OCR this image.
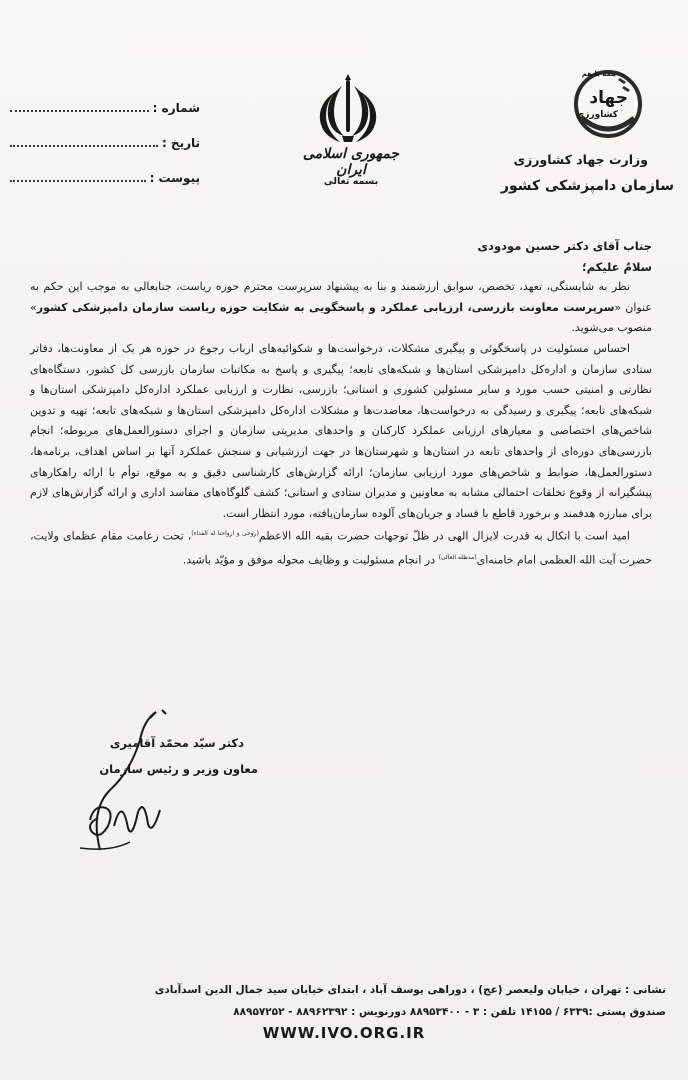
همه با هم
جهاد
کشاورزی
وزارت جهاد کشاورزی
سازمان دامپزشکی کشور
جمهوری اسلامی ایران
بسمه تعالی
شماره :
تاریخ :
پیوست :

جناب آقای دکتر حسین مودودی

سلامٌ علیکم؛

نظر به شایستگی، تعهد، تخصص، سوابق ارزشمند و بنا به پیشنهاد سرپرست محترم حوزه ریاست، جنابعالی به موجب این حکم به عنوان «سرپرست معاونت بازرسی، ارزیابی عملکرد و پاسخگویی به شکایت حوزه ریاست سازمان دامپزشکی کشور» منصوب می‌شوید.

احساس مسئولیت در پاسخگوئی و پیگیری مشکلات، درخواست‌ها و شکوائیه‌های ارباب رجوع در حوزه هر یک از معاونت‌ها، دفاتر ستادی سازمان و اداره‌کل دامپزشکی استان‌ها و شبکه‌های تابعه؛ پیگیری و پاسخ به مکاتبات سازمان بازرسی کل کشور، دستگاه‌های نظارتی و امنیتی حسب مورد و سایر مسئولین کشوری و استانی؛ بازرسی، نظارت و ارزیابی عملکرد اداره‌کل دامپزشکی استان‌ها و شبکه‌های تابعه؛ پیگیری و رسیدگی به درخواست‌ها، معاضدت‌ها و مشکلات اداره‌کل دامپزشکی استان‌ها و شبکه‌های تابعه؛ تهیه و تدوین شاخص‌های اختصاصی و معیارهای ارزیابی عملکرد کارکنان و واحدهای مدیریتی سازمان و اجرای دستورالعمل‌های مربوطه؛ انجام بازرسی‌های دوره‌ای از واحدهای تابعه در استان‌ها و شهرستان‌ها در جهت ارزشیابی و سنجش عملکرد آنها بر اساس اهداف، برنامه‌ها، دستورالعمل‌ها، ضوابط و شاخص‌های مورد ارزیابی سازمان؛ ارائه گزارش‌های کارشناسی دقیق و به موقع، توأم با ارائه راهکارهای پیشگیرانه از وقوع تخلفات احتمالی مشابه به معاونین و مدیران ستادی و استانی؛ کشف گلوگاه‌های مفاسد اداری و ارائه گزارش‌های لازم برای مبارزه هدفمند و برخورد قاطع با فساد و جریان‌های آلوده سازمان‌یافته، مورد انتظار است.

امید است با اتکال به قدرت لایزال الهی در ظلّ توجهات حضرت بقیه الله الاعظم$^{(روحی و ارواحنا له الفداء)}$، تحت زعامت مقام عظمای ولایت، حضرت آیت الله العظمی امام خامنه‌ای$^{(مدظله العالی)}$ در انجام مسئولیت و وظایف محوله موفق و مؤیّد باشید.

دکتر سیّد محمّد آقامیری
معاون وزیر و رئیس سازمان
نشانی : تهران ، خیابان ولیعصر (عج) ، دوراهی یوسف آباد ، ابتدای خیابان سید جمال الدین اسدآبادی
صندوق پستی :۶۳۳۹ / ۱۴۱۵۵ تلفن : ۳ - ۸۸۹۵۳۴۰۰ دورنویس : ۸۸۹۶۲۳۹۲ - ۸۸۹۵۷۲۵۲
WWW.IVO.ORG.IR
